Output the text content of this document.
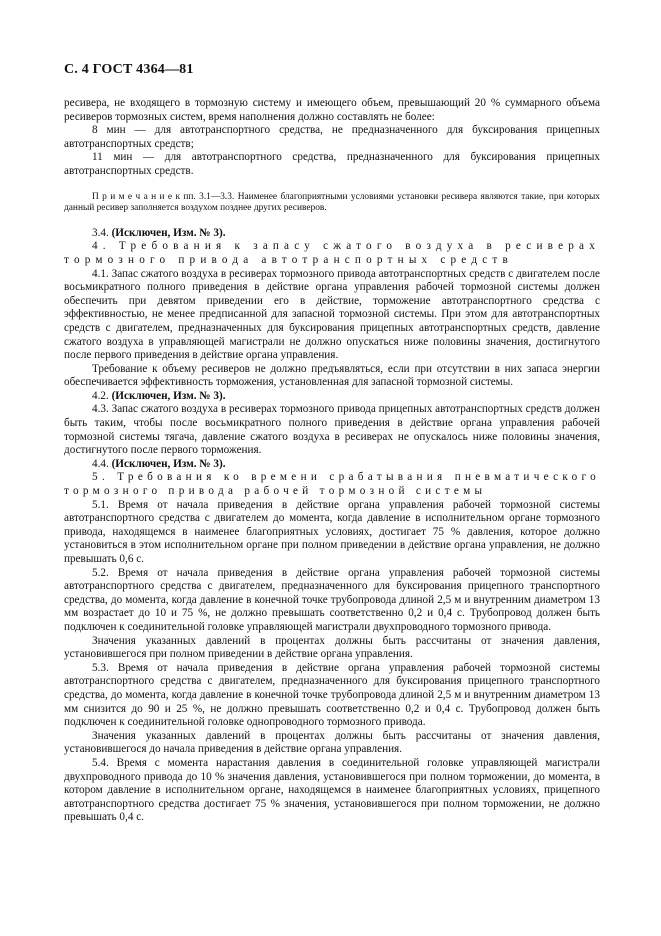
С. 4 ГОСТ 4364—81

ресивера, не входящего в тормозную систему и имеющего объем, превышающий 20 % суммарного объема ресиверов тормозных систем, время наполнения должно составлять не более:

8 мин — для автотранспортного средства, не предназначенного для буксирования прицепных автотранспортных средств;

11 мин — для автотранспортного средства, предназначенного для буксирования прицепных автотранспортных средств.

П р и м е ч а н и е к пп. 3.1—3.3. Наименее благоприятными условиями установки ресивера являются такие, при которых данный ресивер заполняется воздухом позднее других ресиверов.

3.4. (Исключен, Изм. № 3).

4. Требования к запасу сжатого воздуха в ресиверах тормозного привода автотранспортных средств

4.1. Запас сжатого воздуха в ресиверах тормозного привода автотранспортных средств с двигателем после восьмикратного полного приведения в действие органа управления рабочей тормозной системы должен обеспечить при девятом приведении его в действие, торможение автотранспортного средства с эффективностью, не менее предписанной для запасной тормозной системы. При этом для автотранспортных средств с двигателем, предназначенных для буксирования прицепных автотранспортных средств, давление сжатого воздуха в управляющей магистрали не должно опускаться ниже половины значения, достигнутого после первого приведения в действие органа управления.

Требование к объему ресиверов не должно предъявляться, если при отсутствии в них запаса энергии обеспечивается эффективность торможения, установленная для запасной тормозной системы.

4.2. (Исключен, Изм. № 3).

4.3. Запас сжатого воздуха в ресиверах тормозного привода прицепных автотранспортных средств должен быть таким, чтобы после восьмикратного полного приведения в действие органа управления рабочей тормозной системы тягача, давление сжатого воздуха в ресиверах не опускалось ниже половины значения, достигнутого после первого торможения.

4.4. (Исключен, Изм. № 3).

5. Требования ко времени срабатывания пневматического тормозного привода рабочей тормозной системы

5.1. Время от начала приведения в действие органа управления рабочей тормозной системы автотранспортного средства с двигателем до момента, когда давление в исполнительном органе тормозного привода, находящемся в наименее благоприятных условиях, достигает 75 % давления, которое должно установиться в этом исполнительном органе при полном приведении в действие органа управления, не должно превышать 0,6 с.

5.2. Время от начала приведения в действие органа управления рабочей тормозной системы автотранспортного средства с двигателем, предназначенного для буксирования прицепного транспортного средства, до момента, когда давление в конечной точке трубопровода длиной 2,5 м и внутренним диаметром 13 мм возрастает до 10 и 75 %, не должно превышать соответственно 0,2 и 0,4 с. Трубопровод должен быть подключен к соединительной головке управляющей магистрали двухпроводного тормозного привода.

Значения указанных давлений в процентах должны быть рассчитаны от значения давления, установившегося при полном приведении в действие органа управления.

5.3. Время от начала приведения в действие органа управления рабочей тормозной системы автотранспортного средства с двигателем, предназначенного для буксирования прицепного транспортного средства, до момента, когда давление в конечной точке трубопровода длиной 2,5 м и внутренним диаметром 13 мм снизится до 90 и 25 %, не должно превышать соответственно 0,2 и 0,4 с. Трубопровод должен быть подключен к соединительной головке однопроводного тормозного привода.

Значения указанных давлений в процентах должны быть рассчитаны от значения давления, установившегося до начала приведения в действие органа управления.

5.4. Время с момента нарастания давления в соединительной головке управляющей магистрали двухпроводного привода до 10 % значения давления, установившегося при полном торможении, до момента, в котором давление в исполнительном органе, находящемся в наименее благоприятных условиях, прицепного автотранспортного средства достигает 75 % значения, установившегося при полном торможении, не должно превышать 0,4 с.
